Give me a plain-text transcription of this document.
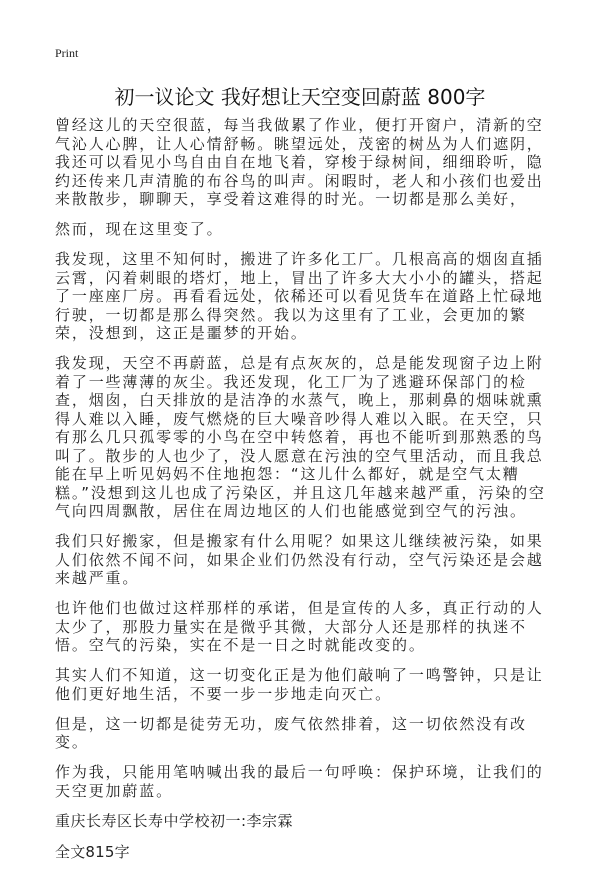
Print
初一议论文 我好想让天空变回蔚蓝 800字

曾经这儿的天空很蓝，每当我做累了作业，便打开窗户，清新的空气沁人心脾，让人心情舒畅。眺望远处，茂密的树丛为人们遮阴，我还可以看见小鸟自由自在地飞着，穿梭于绿树间，细细聆听，隐约还传来几声清脆的布谷鸟的叫声。闲暇时，老人和小孩们也爱出来散散步，聊聊天，享受着这难得的时光。一切都是那么美好，

然而，现在这里变了。

我发现，这里不知何时，搬进了许多化工厂。几根高高的烟囱直插云霄，闪着刺眼的塔灯，地上，冒出了许多大大小小的罐头，搭起了一座座厂房。再看看远处，依稀还可以看见货车在道路上忙碌地行驶，一切都是那么得突然。我以为这里有了工业，会更加的繁荣，没想到，这正是噩梦的开始。

我发现，天空不再蔚蓝，总是有点灰灰的，总是能发现窗子边上附着了一些薄薄的灰尘。我还发现，化工厂为了逃避环保部门的检查，烟囱，白天排放的是洁净的水蒸气，晚上，那刺鼻的烟味就熏得人难以入睡，废气燃烧的巨大噪音吵得人难以入眠。在天空，只有那么几只孤零零的小鸟在空中转悠着，再也不能听到那熟悉的鸟叫了。散步的人也少了，没人愿意在污浊的空气里活动，而且我总能在早上听见妈妈不住地抱怨：“这儿什么都好，就是空气太糟糕。”没想到这儿也成了污染区，并且这几年越来越严重，污染的空气向四周飘散，居住在周边地区的人们也能感觉到空气的污浊。

我们只好搬家，但是搬家有什么用呢？如果这儿继续被污染，如果人们依然不闻不问，如果企业们仍然没有行动，空气污染还是会越来越严重。

也许他们也做过这样那样的承诺，但是宣传的人多，真正行动的人太少了，那股力量实在是微乎其微，大部分人还是那样的执迷不悟。空气的污染，实在不是一日之时就能改变的。

其实人们不知道，这一切变化正是为他们敲响了一鸣警钟，只是让他们更好地生活，不要一步一步地走向灭亡。

但是，这一切都是徒劳无功，废气依然排着，这一切依然没有改变。

作为我，只能用笔呐喊出我的最后一句呼唤：保护环境，让我们的天空更加蔚蓝。

重庆长寿区长寿中学校初一:李宗霖

全文815字
